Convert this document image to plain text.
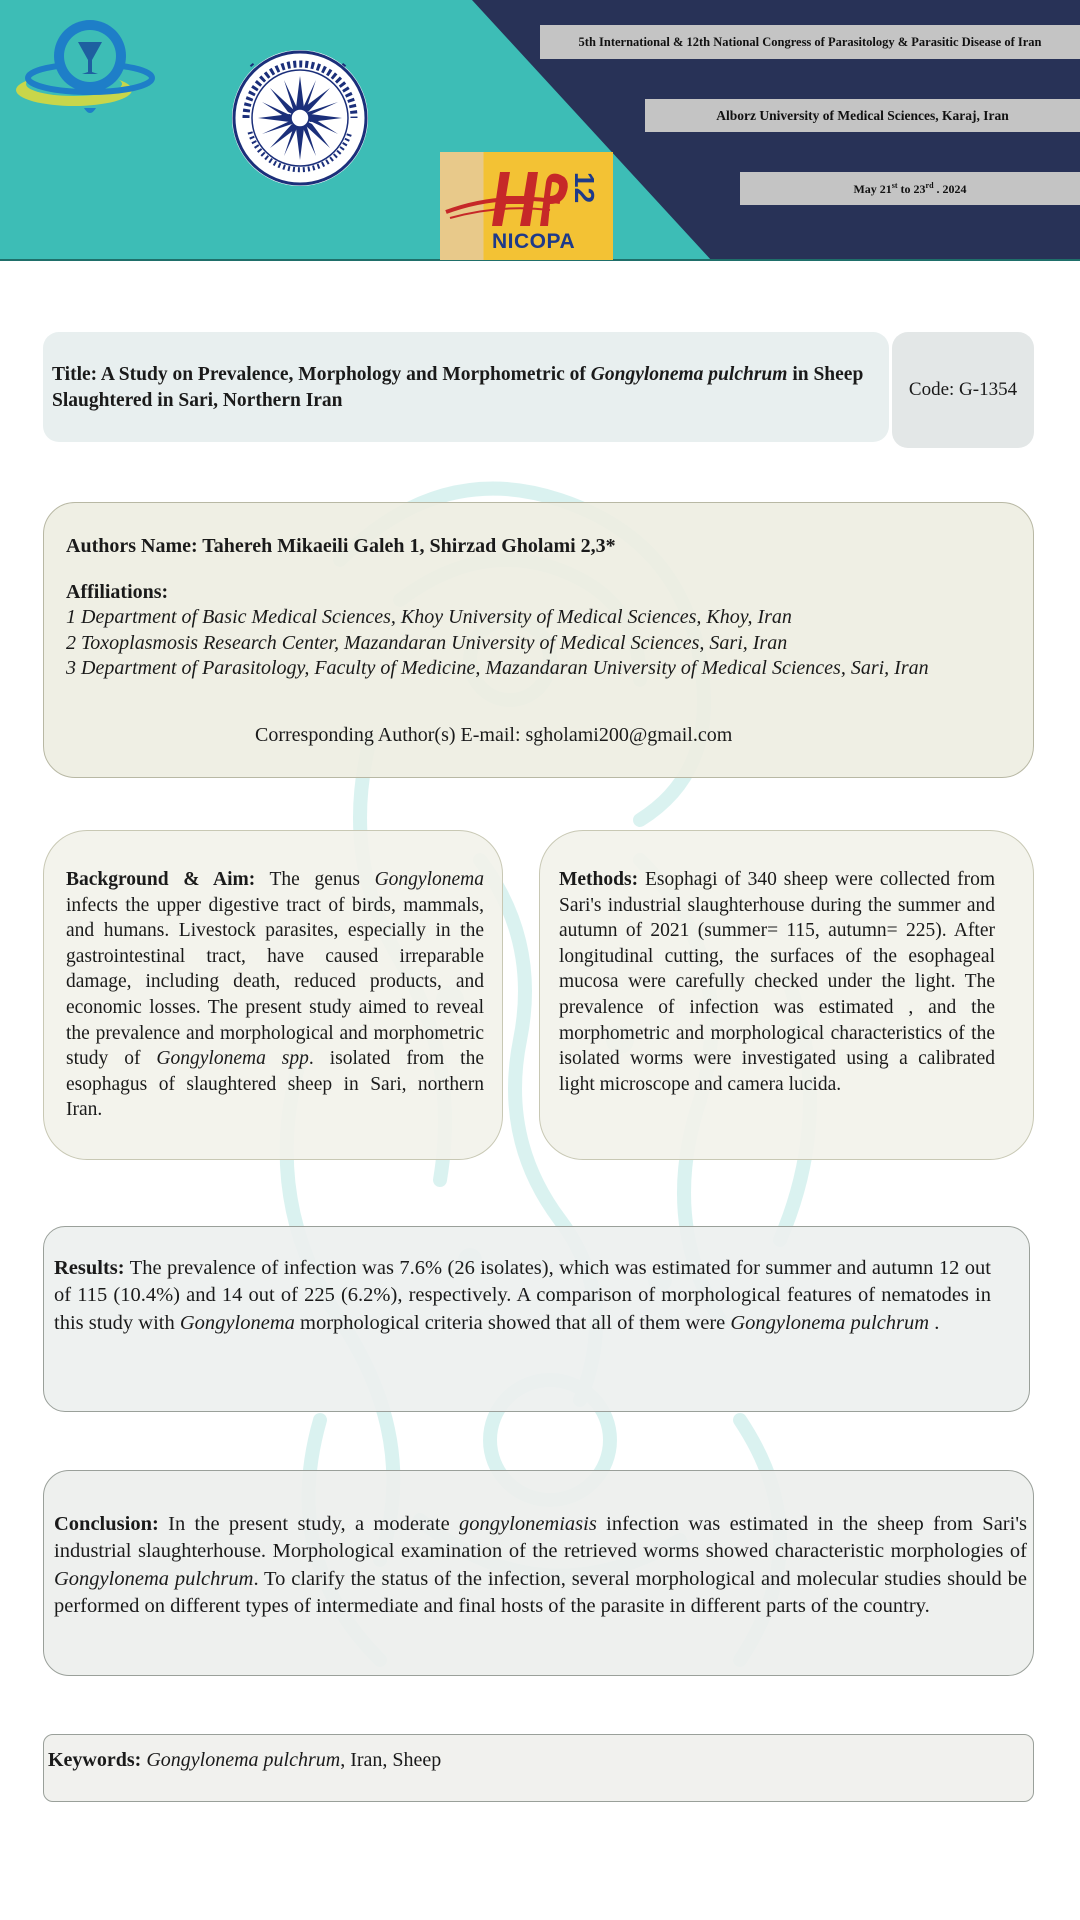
12
NICOPA
5th International & 12th National Congress of Parasitology & Parasitic Disease of Iran
Alborz University of Medical Sciences, Karaj, Iran
May 21st to 23rd . 2024
Title: A Study on Prevalence, Morphology and Morphometric of Gongylonema pulchrum in Sheep Slaughtered in Sari, Northern Iran
Code: G-1354
Authors Name: Tahereh Mikaeili Galeh 1, Shirzad Gholami 2,3*
Affiliations:
1 Department of Basic Medical Sciences, Khoy University of Medical Sciences, Khoy, Iran
2 Toxoplasmosis Research Center, Mazandaran University of Medical Sciences, Sari, Iran
3 Department of Parasitology, Faculty of Medicine, Mazandaran University of Medical Sciences, Sari, Iran
Corresponding Author(s) E-mail: sgholami200@gmail.com

Background & Aim: The genus Gongylonema infects the upper digestive tract of birds, mammals, and humans. Livestock parasites, especially in the gastrointestinal tract, have caused irreparable damage, including death, reduced products, and economic losses. The present study aimed to reveal the prevalence and morphological and morphometric study of Gongylonema spp. isolated from the esophagus of slaughtered sheep in Sari, northern Iran.

Methods: Esophagi of 340 sheep were collected from Sari's industrial slaughterhouse during the summer and autumn of 2021 (summer= 115, autumn= 225). After longitudinal cutting, the surfaces of the esophageal mucosa were carefully checked under the light. The prevalence of infection was estimated , and the morphometric and morphological characteristics of the isolated worms were investigated using a calibrated light microscope and camera lucida.

Results: The prevalence of infection was 7.6% (26 isolates), which was estimated for summer and autumn 12 out of 115 (10.4%) and 14 out of 225 (6.2%), respectively. A comparison of morphological features of nematodes in this study with Gongylonema morphological criteria showed that all of them were Gongylonema pulchrum .

Conclusion: In the present study, a moderate gongylonemiasis infection was estimated in the sheep from Sari's industrial slaughterhouse. Morphological examination of the retrieved worms showed characteristic morphologies of Gongylonema pulchrum. To clarify the status of the infection, several morphological and molecular studies should be performed on different types of intermediate and final hosts of the parasite in different parts of the country.

Keywords: Gongylonema pulchrum, Iran, Sheep
